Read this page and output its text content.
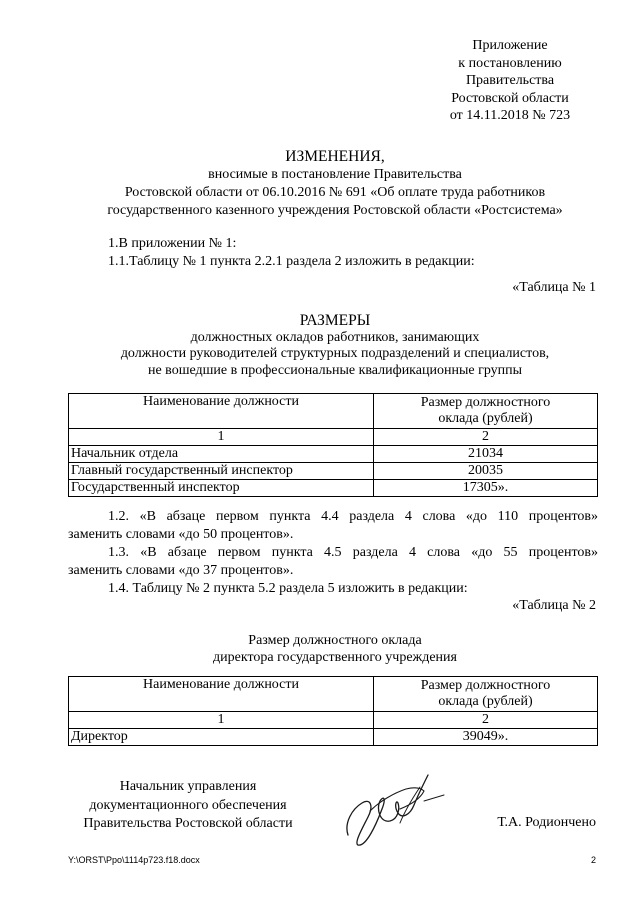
Приложение
к постановлению
Правительства
Ростовской области
от 14.11.2018 № 723
ИЗМЕНЕНИЯ,
вносимые в постановление Правительства
Ростовской области от 06.10.2016 № 691 «Об оплате труда работников
государственного казенного учреждения Ростовской области «Ростсистема»
1.В приложении № 1:
1.1.Таблицу № 1 пункта 2.2.1 раздела 2 изложить в редакции:
«Таблица № 1
РАЗМЕРЫ
должностных окладов работников, занимающих
должности руководителей структурных подразделений и специалистов,
не вошедшие в профессиональные квалификационные группы
Наименование должности	Размер должностного
оклада (рублей)

1	2
Начальник отдела	21034
Главный государственный инспектор	20035
Государственный инспектор	17305».
1.2. «В абзаце первом пункта 4.4 раздела 4 слова «до 110 процентов»
заменить словами «до 50 процентов».
1.3. «В абзаце первом пункта 4.5 раздела 4 слова «до 55 процентов»
заменить словами «до 37 процентов».
1.4. Таблицу № 2 пункта 5.2 раздела 5 изложить в редакции:
«Таблица № 2
Размер должностного оклада
директора государственного учреждения
Наименование должности	Размер должностного
оклада (рублей)

1	2
Директор	39049».
Начальник управления
документационного обеспечения
Правительства Ростовской области	Т.А. Родиончено
Y:\ORST\Ppo\1114p723.f18.docx	2
